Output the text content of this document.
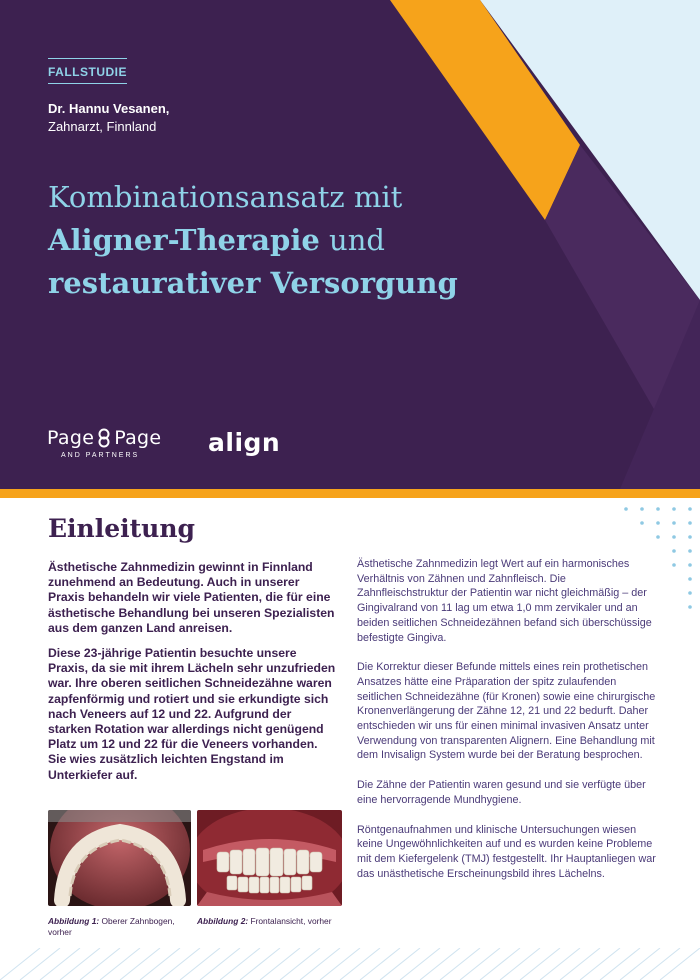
FALLSTUDIE
Dr. Hannu Vesanen,
Zahnarzt, Finnland
Kombinationsansatz mit
Aligner-Therapie und
restaurativer Versorgung
Page Page
AND PARTNERS	align
Einleitung

Ästhetische Zahnmedizin gewinnt in Finnland zunehmend an Bedeutung. Auch in unserer Praxis behandeln wir viele Patienten, die für eine ästhetische Behandlung bei unseren Spezialisten aus dem ganzen Land anreisen.

Diese 23-jährige Patientin besuchte unsere Praxis, da sie mit ihrem Lächeln sehr unzufrieden war. Ihre oberen seitlichen Schneidezähne waren zapfenförmig und rotiert und sie erkundigte sich nach Veneers auf 12 und 22. Aufgrund der starken Rotation war allerdings nicht genügend Platz um 12 und 22 für die Veneers vorhanden. Sie wies zusätzlich leichten Engstand im Unterkiefer auf.

Ästhetische Zahnmedizin legt Wert auf ein harmonisches Verhältnis von Zähnen und Zahnfleisch. Die Zahnfleischstruktur der Patientin war nicht gleichmäßig – der Gingivalrand von 11 lag um etwa 1,0 mm zervikaler und an beiden seitlichen Schneidezähnen befand sich überschüssige befestigte Gingiva.

Die Korrektur dieser Befunde mittels eines rein prothetischen Ansatzes hätte eine Präparation der spitz zulaufenden seitlichen Schneidezähne (für Kronen) sowie eine chirurgische Kronenverlängerung der Zähne 12, 21 und 22 bedurft. Daher entschieden wir uns für einen minimal invasiven Ansatz unter Verwendung von transparenten Alignern. Eine Behandlung mit dem Invisalign System wurde bei der Beratung besprochen.

Die Zähne der Patientin waren gesund und sie verfügte über eine hervorragende Mundhygiene.

Röntgenaufnahmen und klinische Untersuchungen wiesen keine Ungewöhnlichkeiten auf und es wurden keine Probleme mit dem Kiefergelenk (TMJ) festgestellt. Ihr Hauptanliegen war das unästhetische Erscheinungsbild ihres Lächelns.

Abbildung 1: Oberer Zahnbogen, vorher
Abbildung 2: Frontalansicht, vorher
